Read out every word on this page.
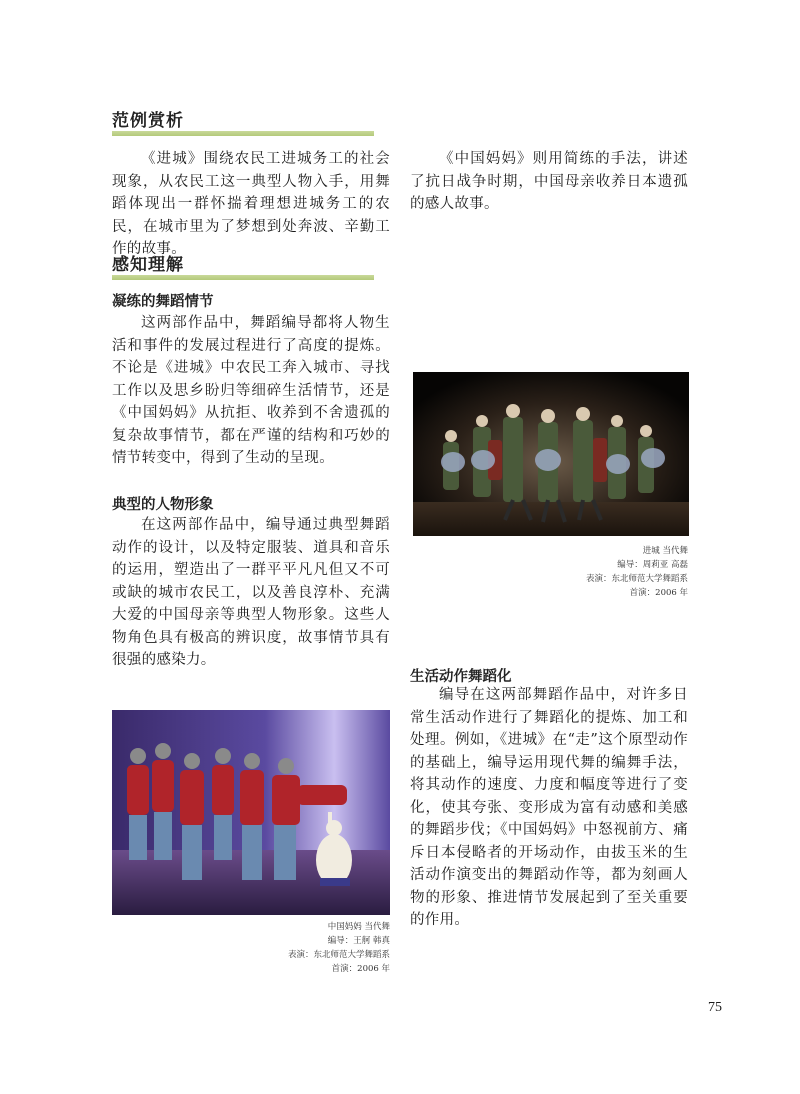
范例赏析
《进城》围绕农民工进城务工的社会现象，从农民工这一典型人物入手，用舞蹈体现出一群怀揣着理想进城务工的农民，在城市里为了梦想到处奔波、辛勤工作的故事。
《中国妈妈》则用简练的手法，讲述了抗日战争时期，中国母亲收养日本遗孤的感人故事。
感知理解
凝练的舞蹈情节
这两部作品中，舞蹈编导都将人物生活和事件的发展过程进行了高度的提炼。不论是《进城》中农民工奔入城市、寻找工作以及思乡盼归等细碎生活情节，还是《中国妈妈》从抗拒、收养到不舍遗孤的复杂故事情节，都在严谨的结构和巧妙的情节转变中，得到了生动的呈现。
典型的人物形象
在这两部作品中，编导通过典型舞蹈动作的设计，以及特定服装、道具和音乐的运用，塑造出了一群平平凡凡但又不可或缺的城市农民工，以及善良淳朴、充满大爱的中国母亲等典型人物形象。这些人物角色具有极高的辨识度，故事情节具有很强的感染力。
进城 当代舞
编导：周莉亚 高磊
表演：东北师范大学舞蹈系
首演：2006 年
生活动作舞蹈化
编导在这两部舞蹈作品中，对许多日常生活动作进行了舞蹈化的提炼、加工和处理。例如，《进城》在“走”这个原型动作的基础上，编导运用现代舞的编舞手法，将其动作的速度、力度和幅度等进行了变化，使其夸张、变形成为富有动感和美感的舞蹈步伐；《中国妈妈》中怒视前方、痛斥日本侵略者的开场动作，由拔玉米的生活动作演变出的舞蹈动作等，都为刻画人物的形象、推进情节发展起到了至关重要的作用。
中国妈妈 当代舞
编导：王舸 韩真
表演：东北师范大学舞蹈系
首演：2006 年
75
